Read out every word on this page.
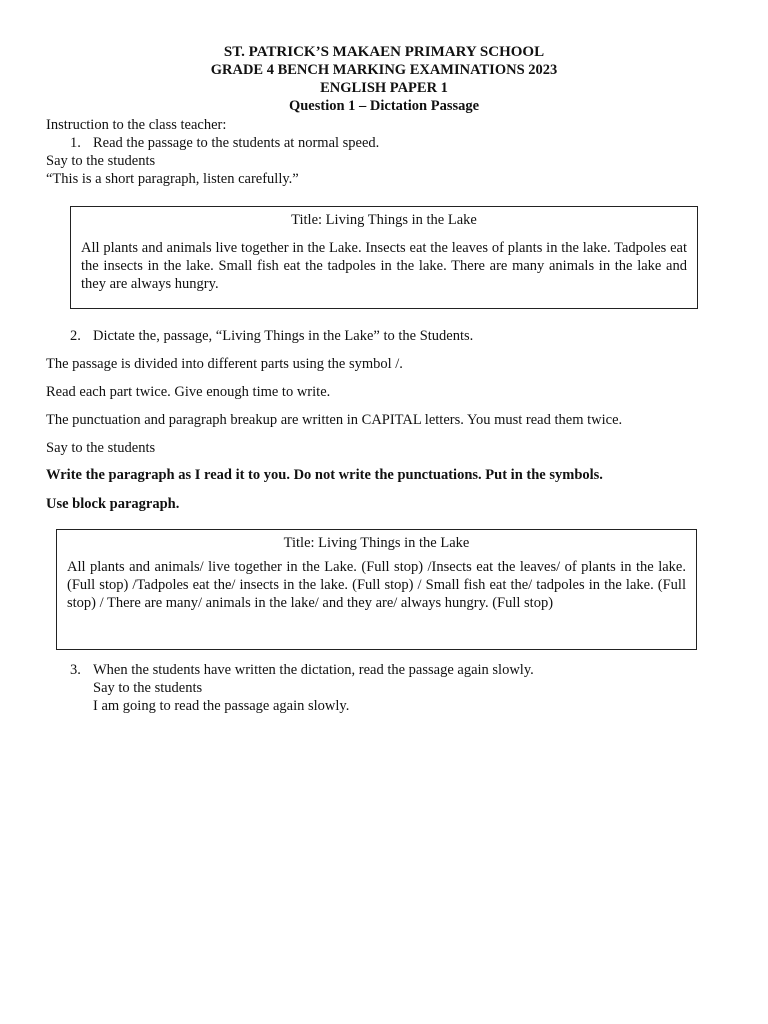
ST. PATRICK’S MAKAEN PRIMARY SCHOOL
GRADE 4 BENCH MARKING EXAMINATIONS 2023
ENGLISH PAPER 1
Question 1 – Dictation Passage
Instruction to the class teacher:
1. Read the passage to the students at normal speed.
Say to the students
“This is a short paragraph, listen carefully.”
Title: Living Things in the Lake
All plants and animals live together in the Lake. Insects eat the leaves of plants in the lake. Tadpoles eat the insects in the lake. Small fish eat the tadpoles in the lake. There are many animals in the lake and they are always hungry.
2. Dictate the, passage, “Living Things in the Lake” to the Students.
The passage is divided into different parts using the symbol /.
Read each part twice. Give enough time to write.
The punctuation and paragraph breakup are written in CAPITAL letters. You must read them twice.
Say to the students
Write the paragraph as I read it to you. Do not write the punctuations. Put in the symbols.
Use block paragraph.
Title: Living Things in the Lake
All plants and animals/ live together in the Lake. (Full stop) /Insects eat the leaves/ of plants in the lake. (Full stop) /Tadpoles eat the/ insects in the lake. (Full stop) / Small fish eat the/ tadpoles in the lake. (Full stop) / There are many/ animals in the lake/ and they are/ always hungry. (Full stop)
3. When the students have written the dictation, read the passage again slowly.
Say to the students
I am going to read the passage again slowly.
